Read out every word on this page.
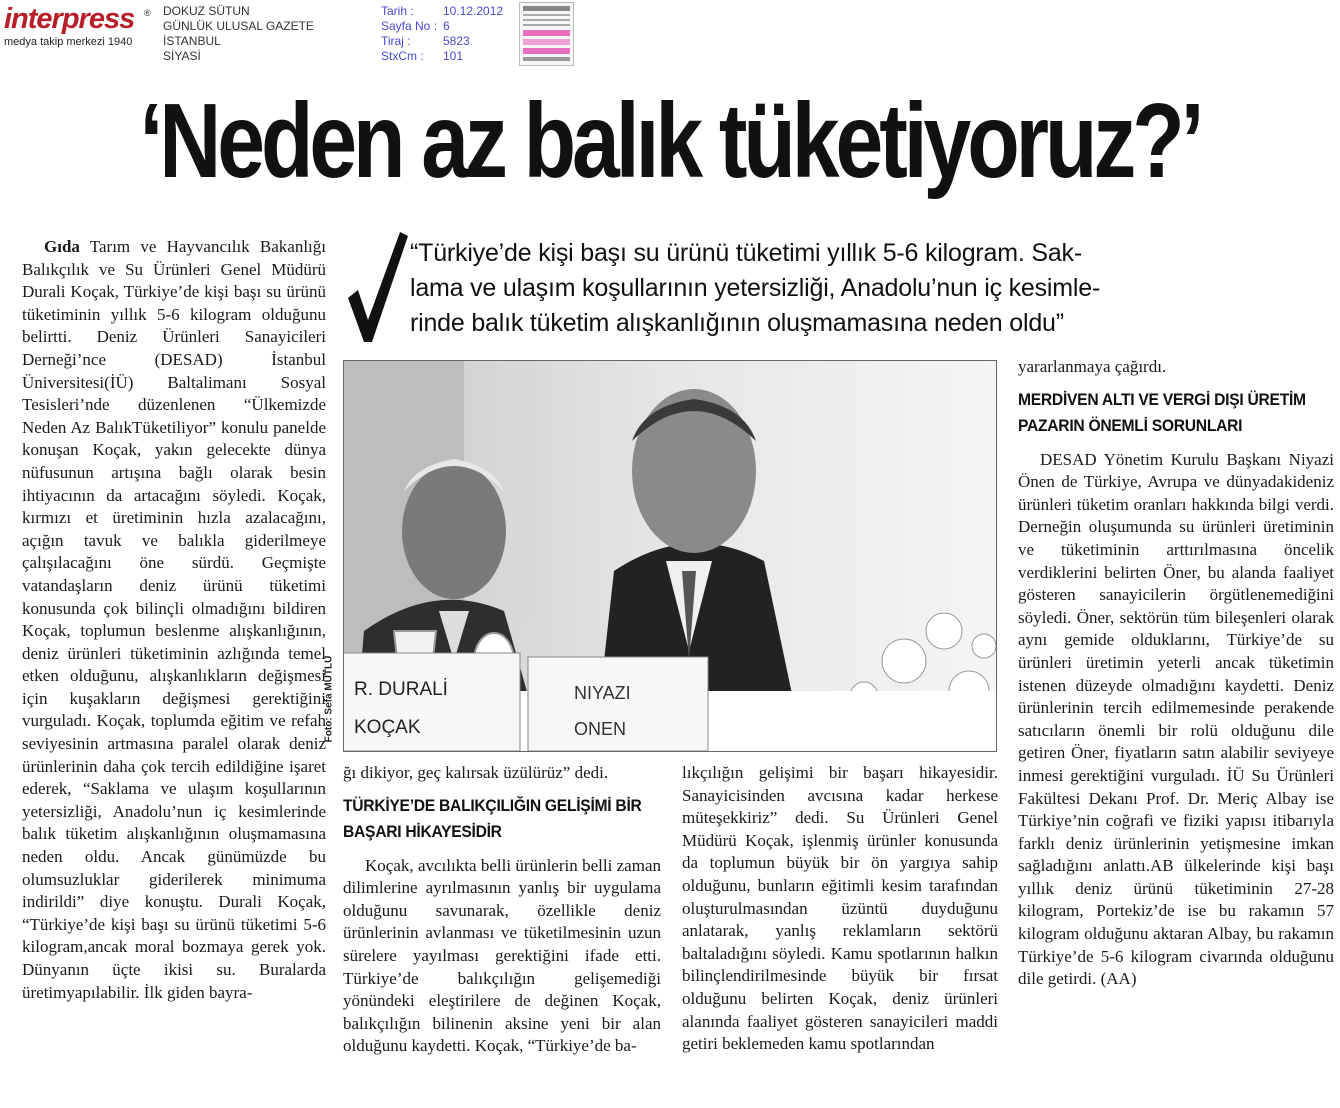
interpress	®
medya takip merkezi 1940
DOKUZ SÜTUN
GÜNLÜK ULUSAL GAZETE
İSTANBUL
SİYASİ
Tarih :	10.12.2012
Sayfa No : 6
Tiraj :	5823
StxCm :	101
‘Neden az balık tüketiyoruz?’

“Türkiye’de kişi başı su ürünü tüketimi yıllık 5-6 kilogram. Sak-

lama ve ulaşım koşullarının yetersizliği, Anadolu’nun iç kesimle-

rinde balık tüketim alışkanlığının oluşmamasına neden oldu”

Gıda Tarım ve Hayvancılık Bakanlığı Balıkçılık ve Su Ürünleri Genel Müdürü Durali Koçak, Türkiye’de kişi başı su ürünü tüketiminin yıllık 5-6 kilogram olduğunu belirtti. Deniz Ürünleri Sanayicileri Derneği’nce (DESAD) İstanbul Üniversitesi(İÜ) Baltalimanı Sosyal Tesisleri’nde düzenlenen “Ülkemizde Neden Az BalıkTüketiliyor” konulu panelde konuşan Koçak, yakın gelecekte dünya nüfusunun artışına bağlı olarak besin ihtiyacının da artacağını söyledi. Koçak, kırmızı et üretiminin hızla azalacağını, açığın tavuk ve balıkla giderilmeye çalışılacağını öne sürdü. Geçmişte vatandaşların deniz ürünü tüketimi konusunda çok bilinçli olmadığını bildiren Koçak, toplumun beslenme alışkanlığının, deniz ürünleri tüketiminin azlığında temel etken olduğunu, alışkanlıkların değişmesi için kuşakların değişmesi gerektiğini vurguladı. Koçak, toplumda eğitim ve refah seviyesinin artmasına paralel olarak deniz ürünlerinin daha çok tercih edildiğine işaret ederek, “Saklama ve ulaşım koşullarının yetersizliği, Anadolu’nun iç kesimlerinde balık tüketim alışkanlığının oluşmamasına neden oldu. Ancak günümüzde bu olumsuzluklar giderilerek minimuma indirildi” diye konuştu. Durali Koçak, “Türkiye’de kişi başı su ürünü tüketimi 5-6 kilogram,ancak moral bozmaya gerek yok. Dünyanın üçte ikisi su. Buralarda üretimyapılabilir. İlk giden bayra-

Foto: Sefa MUTLU R. DURALİ
KOÇAK
NIYAZI
ONEN

ğı dikiyor, geç kalırsak üzülürüz” dedi.

TÜRKİYE’DE BALIKÇILIĞIN GELİŞİMİ BİR BAŞARI HİKAYESİDİR

Koçak, avcılıkta belli ürünlerin belli zaman dilimlerine ayrılmasının yanlış bir uygulama olduğunu savunarak, özellikle deniz ürünlerinin avlanması ve tüketilmesinin uzun sürelere yayılması gerektiğini ifade etti. Türkiye’de balıkçılığın gelişemediği yönündeki eleştirilere de değinen Koçak, balıkçılığın bilinenin aksine yeni bir alan olduğunu kaydetti. Koçak, “Türkiye’de ba-

lıkçılığın gelişimi bir başarı hikayesidir. Sanayicisinden avcısına kadar herkese müteşekkiriz” dedi. Su Ürünleri Genel Müdürü Koçak, işlenmiş ürünler konusunda da toplumun büyük bir ön yargıya sahip olduğunu, bunların eğitimli kesim tarafından oluşturulmasından üzüntü duyduğunu anlatarak, yanlış reklamların sektörü baltaladığını söyledi. Kamu spotlarının halkın bilinçlendirilmesinde büyük bir fırsat olduğunu belirten Koçak, deniz ürünleri alanında faaliyet gösteren sanayicileri maddi getiri beklemeden kamu spotlarından

yararlanmaya çağırdı.

MERDİVEN ALTI VE VERGİ DIŞI ÜRETİM PAZARIN ÖNEMLİ SORUNLARI

DESAD Yönetim Kurulu Başkanı Niyazi Önen de Türkiye, Avrupa ve dünyadakideniz ürünleri tüketim oranları hakkında bilgi verdi. Derneğin oluşumunda su ürünleri üretiminin ve tüketiminin arttırılmasına öncelik verdiklerini belirten Öner, bu alanda faaliyet gösteren sanayicilerin örgütlenemediğini söyledi. Öner, sektörün tüm bileşenleri olarak aynı gemide olduklarını, Türkiye’de su ürünleri üretimin yeterli ancak tüketimin istenen düzeyde olmadığını kaydetti. Deniz ürünlerinin tercih edilmemesinde perakende satıcıların önemli bir rolü olduğunu dile getiren Öner, fiyatların satın alabilir seviyeye inmesi gerektiğini vurguladı. İÜ Su Ürünleri Fakültesi Dekanı Prof. Dr. Meriç Albay ise Türkiye’nin coğrafi ve fiziki yapısı itibarıyla farklı deniz ürünlerinin yetişmesine imkan sağladığını anlattı.AB ülkelerinde kişi başı yıllık deniz ürünü tüketiminin 27-28 kilogram, Portekiz’de ise bu rakamın 57 kilogram olduğunu aktaran Albay, bu rakamın Türkiye’de 5-6 kilogram civarında olduğunu dile getirdi. (AA)
